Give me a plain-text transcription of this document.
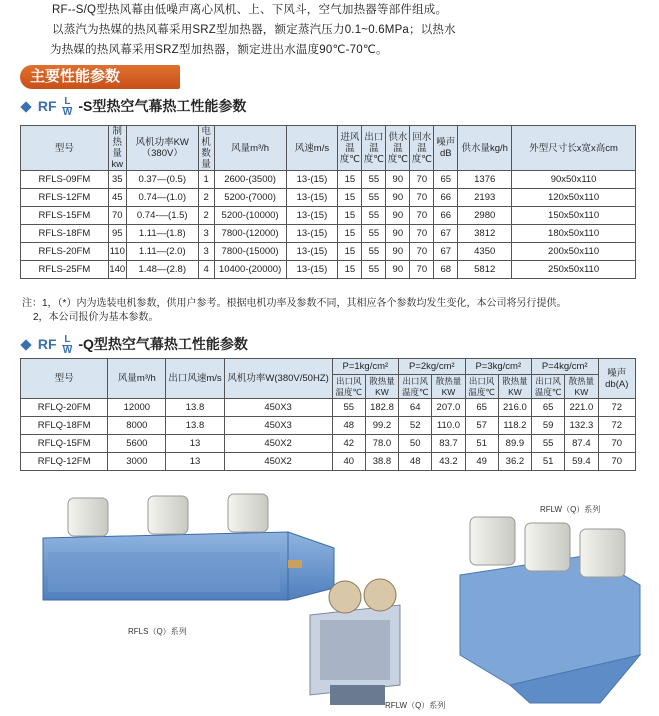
RF--S/Q型热风幕由低噪声离心风机、上、下风斗，空气加热器等部件组成。
以蒸汽为热媒的热风幕采用SRZ型加热器，额定蒸汽压力0.1~0.6MPa；以热水
为热媒的热风幕采用SRZ型加热器，额定进出水温度90℃-70℃。
主要性能参数
RF $\frac{L}{W} -S$型热空气幕热工性能参数
型号	制热量kw	风机功率KW（380V）	电机数量	风量m³/h	风速m/s	进风温度℃	出口温度℃	供水温度℃	回水温度℃	噪声dB	供水量kg/h	外型尺寸长x宽x高cm
RFLS-09FM	35	0.37—(0.5)	1	2600-(3500)	13-(15)	15	55	90	70	65	1376	90x50x110
RFLS-12FM	45	0.74—(1.0)	2	5200-(7000)	13-(15)	15	55	90	70	66	2193	120x50x110
RFLS-15FM	70	0.74-—(1.5)	2	5200-(10000)	13-(15)	15	55	90	70	66	2980	150x50x110
RFLS-18FM	95	1.11—(1.8)	3	7800-(12000)	13-(15)	15	55	90	70	67	3812	180x50x110
RFLS-20FM	110	1.11—(2.0)	3	7800-(15000)	13-(15)	15	55	90	70	67	4350	200x50x110
RFLS-25FM	140	1.48—(2.8)	4	10400-(20000)	13-(15)	15	55	90	70	68	5812	250x50x110
注：1，（*）内为选装电机参数，供用户参考。根据电机功率及参数不同，其相应各个参数均发生变化，本公司将另行提供。
2，本公司报价为基本参数。
RF $\frac{L}{W} -Q$型热空气幕热工性能参数
型号	风量m³/h	出口风速m/s	风机功率W(380V/50HZ)	P=1kg/cm²		P=2kg/cm²		P=3kg/cm²		P=4kg/cm²		噪声db(A)
				出口风温度℃	散热量KW	出口风温度℃	散热量KW	出口风温度℃	散热量KW	出口风温度℃	散热量KW	
RFLQ-20FM	12000	13.8	450X3	55	182.8	64	207.0	65	216.0	65	221.0	72
RFLQ-18FM	8000	13.8	450X3	48	99.2	52	110.0	57	118.2	59	132.3	72
RFLQ-15FM	5600	13	450X2	42	78.0	50	83.7	51	89.9	55	87.4	70
RFLQ-12FM	3000	13	450X2	40	38.8	48	43.2	49	36.2	51	59.4	70
RFLS（Q）系列
RFLW（Q）系列
RFLW（Q）系列
